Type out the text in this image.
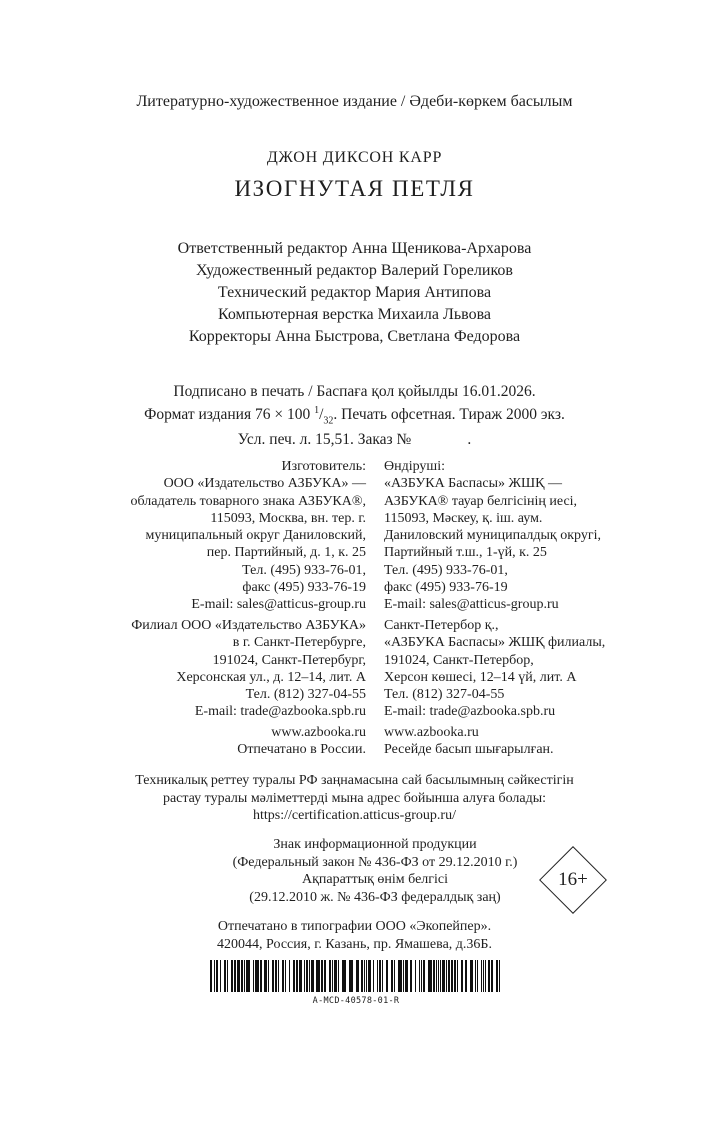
Литературно-художественное издание / Әдеби-көркем басылым
ДЖОН ДИКСОН КАРР
ИЗОГНУТАЯ ПЕТЛЯ
Ответственный редактор Анна Щеникова-Архарова
Художественный редактор Валерий Гореликов
Технический редактор Мария Антипова
Компьютерная верстка Михаила Львова
Корректоры Анна Быстрова, Светлана Федорова
Подписано в печать / Баспаға қол қойылды 16.01.2026.
Формат издания 76 × 100 $^1/_{32}$. Печать офсетная. Тираж 2000 экз.
Усл. печ. л. 15,51. Заказ №	.
Изготовитель:
ООО «Издательство АЗБУКА» —
обладатель товарного знака АЗБУКА®,
115093, Москва, вн. тер. г.
муниципальный округ Даниловский,
пер. Партийный, д. 1, к. 25
Тел. (495) 933-76-01,
факс (495) 933-76-19
E-mail: sales@atticus-group.ru
Өндіруші:
«АЗБУКА Баспасы» ЖШҚ —
АЗБУКА® тауар белгісінің иесі,
115093, Мәскеу, қ. іш. аум.
Даниловский муниципалдық округі,
Партийный т.ш., 1-үй, к. 25
Тел. (495) 933-76-01,
факс (495) 933-76-19
E-mail: sales@atticus-group.ru
Филиал ООО «Издательство АЗБУКА»
в г. Санкт-Петербурге,
191024, Санкт-Петербург,
Херсонская ул., д. 12–14, лит. А
Тел. (812) 327-04-55
E-mail: trade@azbooka.spb.ru
Санкт-Петербор қ.,
«АЗБУКА Баспасы» ЖШҚ филиалы,
191024, Санкт-Петербор,
Херсон көшесі, 12–14 үй, лит. А
Тел. (812) 327-04-55
E-mail: trade@azbooka.spb.ru
www.azbooka.ru
Отпечатано в России.
www.azbooka.ru
Ресейде басып шығарылған.
Техникалық реттеу туралы РФ заңнамасына сай басылымның сәйкестігін
растау туралы мәліметтерді мына адрес бойынша алуға болады:
https://certification.atticus-group.ru/
Знак информационной продукции
(Федеральный закон № 436-ФЗ от 29.12.2010 г.)
Ақпараттық өнім белгісі
(29.12.2010 ж. № 436-ФЗ федералдық заң)
16+
Отпечатано в типографии ООО «Экопейпер».
420044, Россия, г. Казань, пр. Ямашева, д.36Б.
A-MCD-40578-01-R
